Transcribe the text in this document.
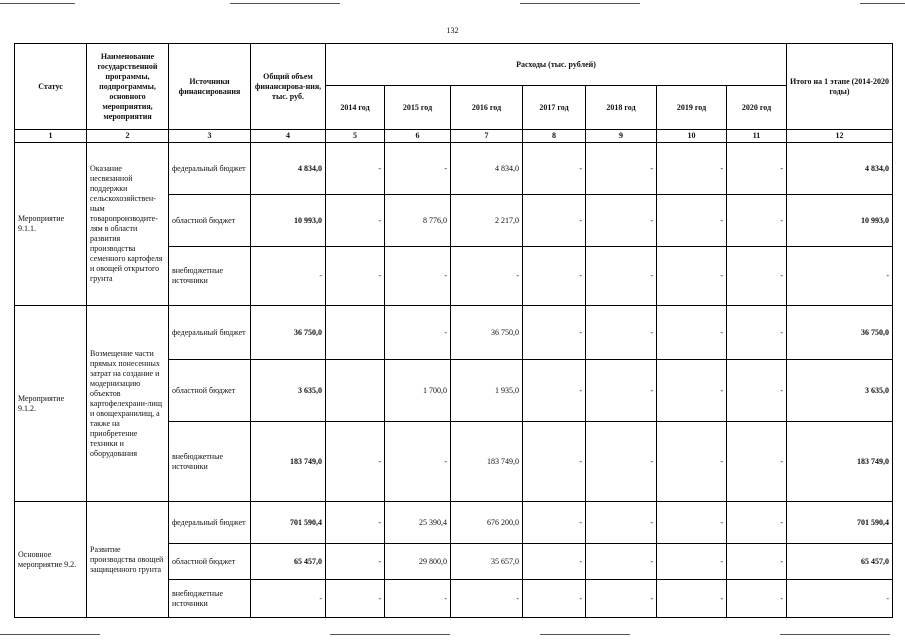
132
Статус	Наименование государственной программы, подпрограммы, основного мероприятия, мероприятия	Источники финансирования	Общий объем финансирова-ния, тыс. руб.	Расходы (тыс. рублей)							Итого на 1 этапе (2014-2020 годы)
				2014 год	2015 год	2016 год	2017 год	2018 год	2019 год	2020 год	
1	2	3	4	5	6	7	8	9	10	11	12
Мероприятие 9.1.1.	Оказание несвязанной поддержки сельскохозяйствен-ным товаропроизводите-лям в области развития производства семенного картофеля и овощей открытого грунта	федеральный бюджет	4 834,0	-	-	4 834,0	-	-	-	-	4 834,0
		областной бюджет	10 993,0	-	8 776,0	2 217,0	-	-	-	-	10 993,0
		внебюджетные источники	-	-	-	-	-	-	-	-	-
Мероприятие 9.1.2.	Возмещение части прямых понесенных затрат на создание и модернизацию объектов картофелехрани-лищ и овощехранилищ, а также на приобретение техники и оборудования	федеральный бюджет	36 750,0		-	36 750,0	-	-	-	-	36 750,0
		областной бюджет	3 635,0		1 700,0	1 935,0	-	-	-	-	3 635,0
		внебюджетные источники	183 749,0	-	-	183 749,0	-	-	-	-	183 749,0
Основное мероприятие 9.2.	Развитие производства овощей защищенного грунта	федеральный бюджет	701 590,4	-	25 390,4	676 200,0	-	-	-	-	701 590,4
		областной бюджет	65 457,0	-	29 800,0	35 657,0	-	-	-	-	65 457,0
		внебюджетные источники	-	-	-	-	-	-	-	-	-
